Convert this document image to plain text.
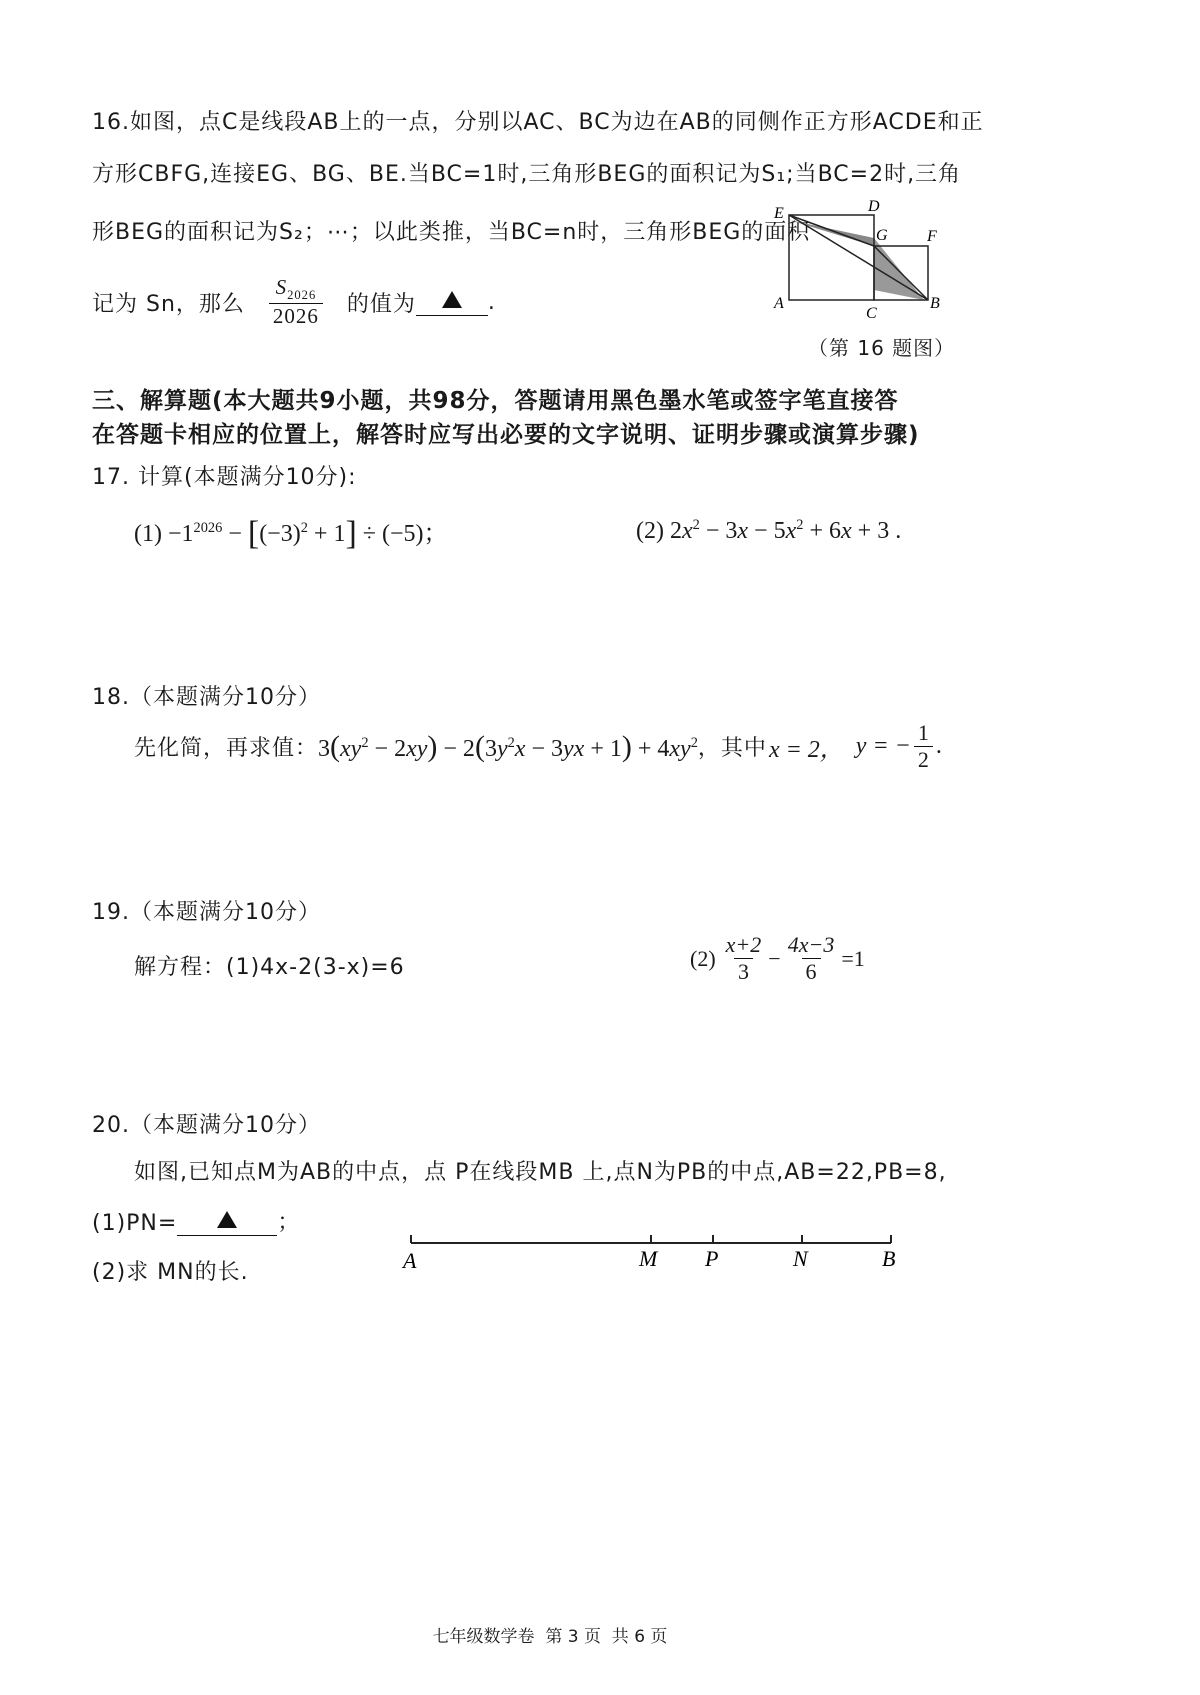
16.如图，点C是线段AB上的一点，分别以AC、BC为边在AB的同侧作正方形ACDE和正
方形CBFG,连接EG、BG、BE.当BC=1时,三角形BEG的面积记为S₁;当BC=2时,三角
形BEG的面积记为S₂；⋯；以此类推，当BC=n时，三角形BEG的面积
记为 Sn，那么 $\frac{S_{2026}}{2026}$ 的值为	.
E	D
G F
A
C
B
（第 16 题图）
三、解算题(本大题共9小题，共98分，答题请用黑色墨水笔或签字笔直接答
在答题卡相应的位置上，解答时应写出必要的文字说明、证明步骤或演算步骤)
17. 计算(本题满分10分):
$(1) -1^{2026} - [(-3)^2 + 1] \div (-5)$；	(2) $2x^2 - 3x - 5x^2 + 6x + 3$ .
18.（本题满分10分）
先化简，再求值： $3(xy^2 - 2xy) - 2(3y^2x - 3yx + 1) + 4xy^2$ ，其中 x = 2， y = − $\frac{1}{2}$ .
19.（本题满分10分）
解方程：(1)4x-2(3-x)=6	$(2) \frac{x+2}{3} - \frac{4x-3}{6} =1$
20.（本题满分10分）
如图,已知点M为AB的中点，点 P在线段MB 上,点N为PB的中点,AB=22,PB=8,
(1)PN=	；
(2)求 MN的长.	A	M P	N	B
七年级数学卷  第 3 页  共 6 页
